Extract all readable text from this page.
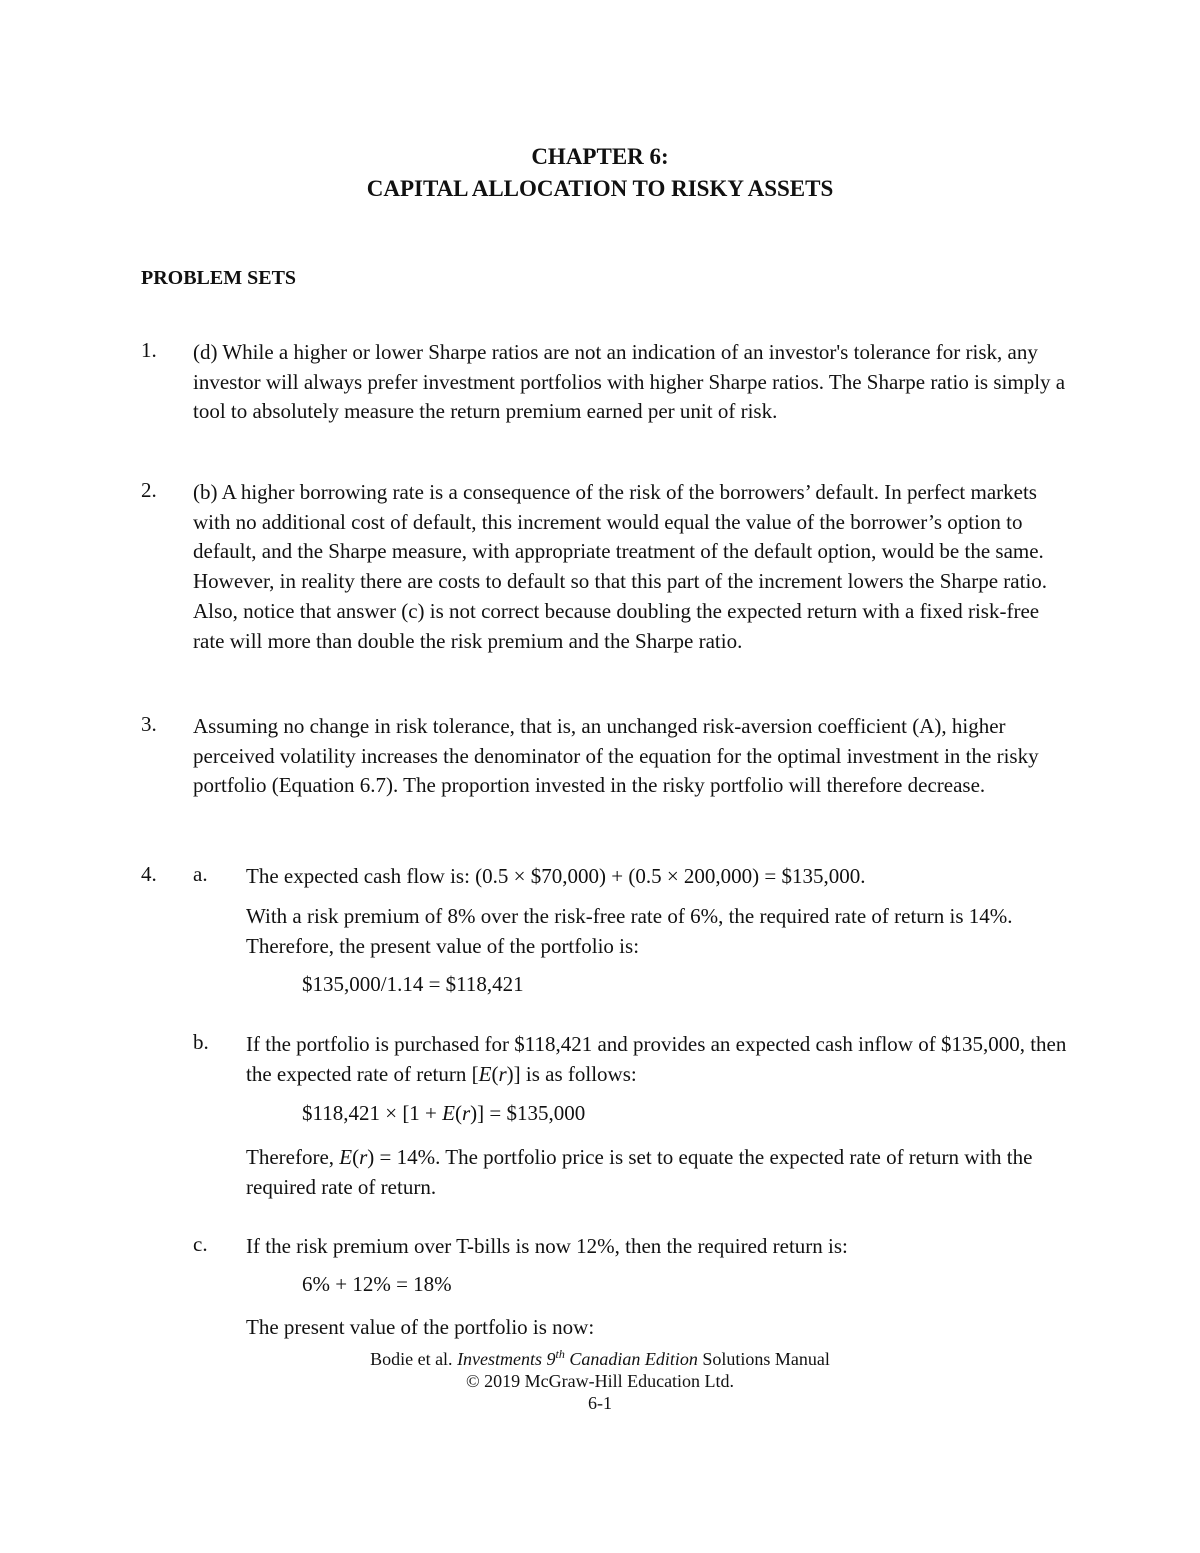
CHAPTER 6:
CAPITAL ALLOCATION TO RISKY ASSETS
PROBLEM SETS
1. (d) While a higher or lower Sharpe ratios are not an indication of an investor's tolerance for risk, any investor will always prefer investment portfolios with higher Sharpe ratios. The Sharpe ratio is simply a tool to absolutely measure the return premium earned per unit of risk.

2. (b) A higher borrowing rate is a consequence of the risk of the borrowers’ default. In perfect markets with no additional cost of default, this increment would equal the value of the borrower’s option to default, and the Sharpe measure, with appropriate treatment of the default option, would be the same. However, in reality there are costs to default so that this part of the increment lowers the Sharpe ratio. Also, notice that answer (c) is not correct because doubling the expected return with a fixed risk-free rate will more than double the risk premium and the Sharpe ratio.

3. Assuming no change in risk tolerance, that is, an unchanged risk-aversion coefficient (A), higher perceived volatility increases the denominator of the equation for the optimal investment in the risky portfolio (Equation 6.7). The proportion invested in the risky portfolio will therefore decrease.

4. a. The expected cash flow is: (0.5 × $70,000) + (0.5 × 200,000) = $135,000.

With a risk premium of 8% over the risk-free rate of 6%, the required rate of return is 14%. Therefore, the present value of the portfolio is:

$135,000/1.14 = $118,421
b. If the portfolio is purchased for $118,421 and provides an expected cash inflow of $135,000, then the expected rate of return [E(r)] is as follows:

$118,421 × [1 + E(r)] = $135,000

Therefore, E(r) = 14%. The portfolio price is set to equate the expected rate of return with the required rate of return.

c. If the risk premium over T-bills is now 12%, then the required return is:

6% + 12% = 18%

The present value of the portfolio is now:

Bodie et al. Investments 9th Canadian Edition Solutions Manual
© 2019 McGraw-Hill Education Ltd.
6-1
